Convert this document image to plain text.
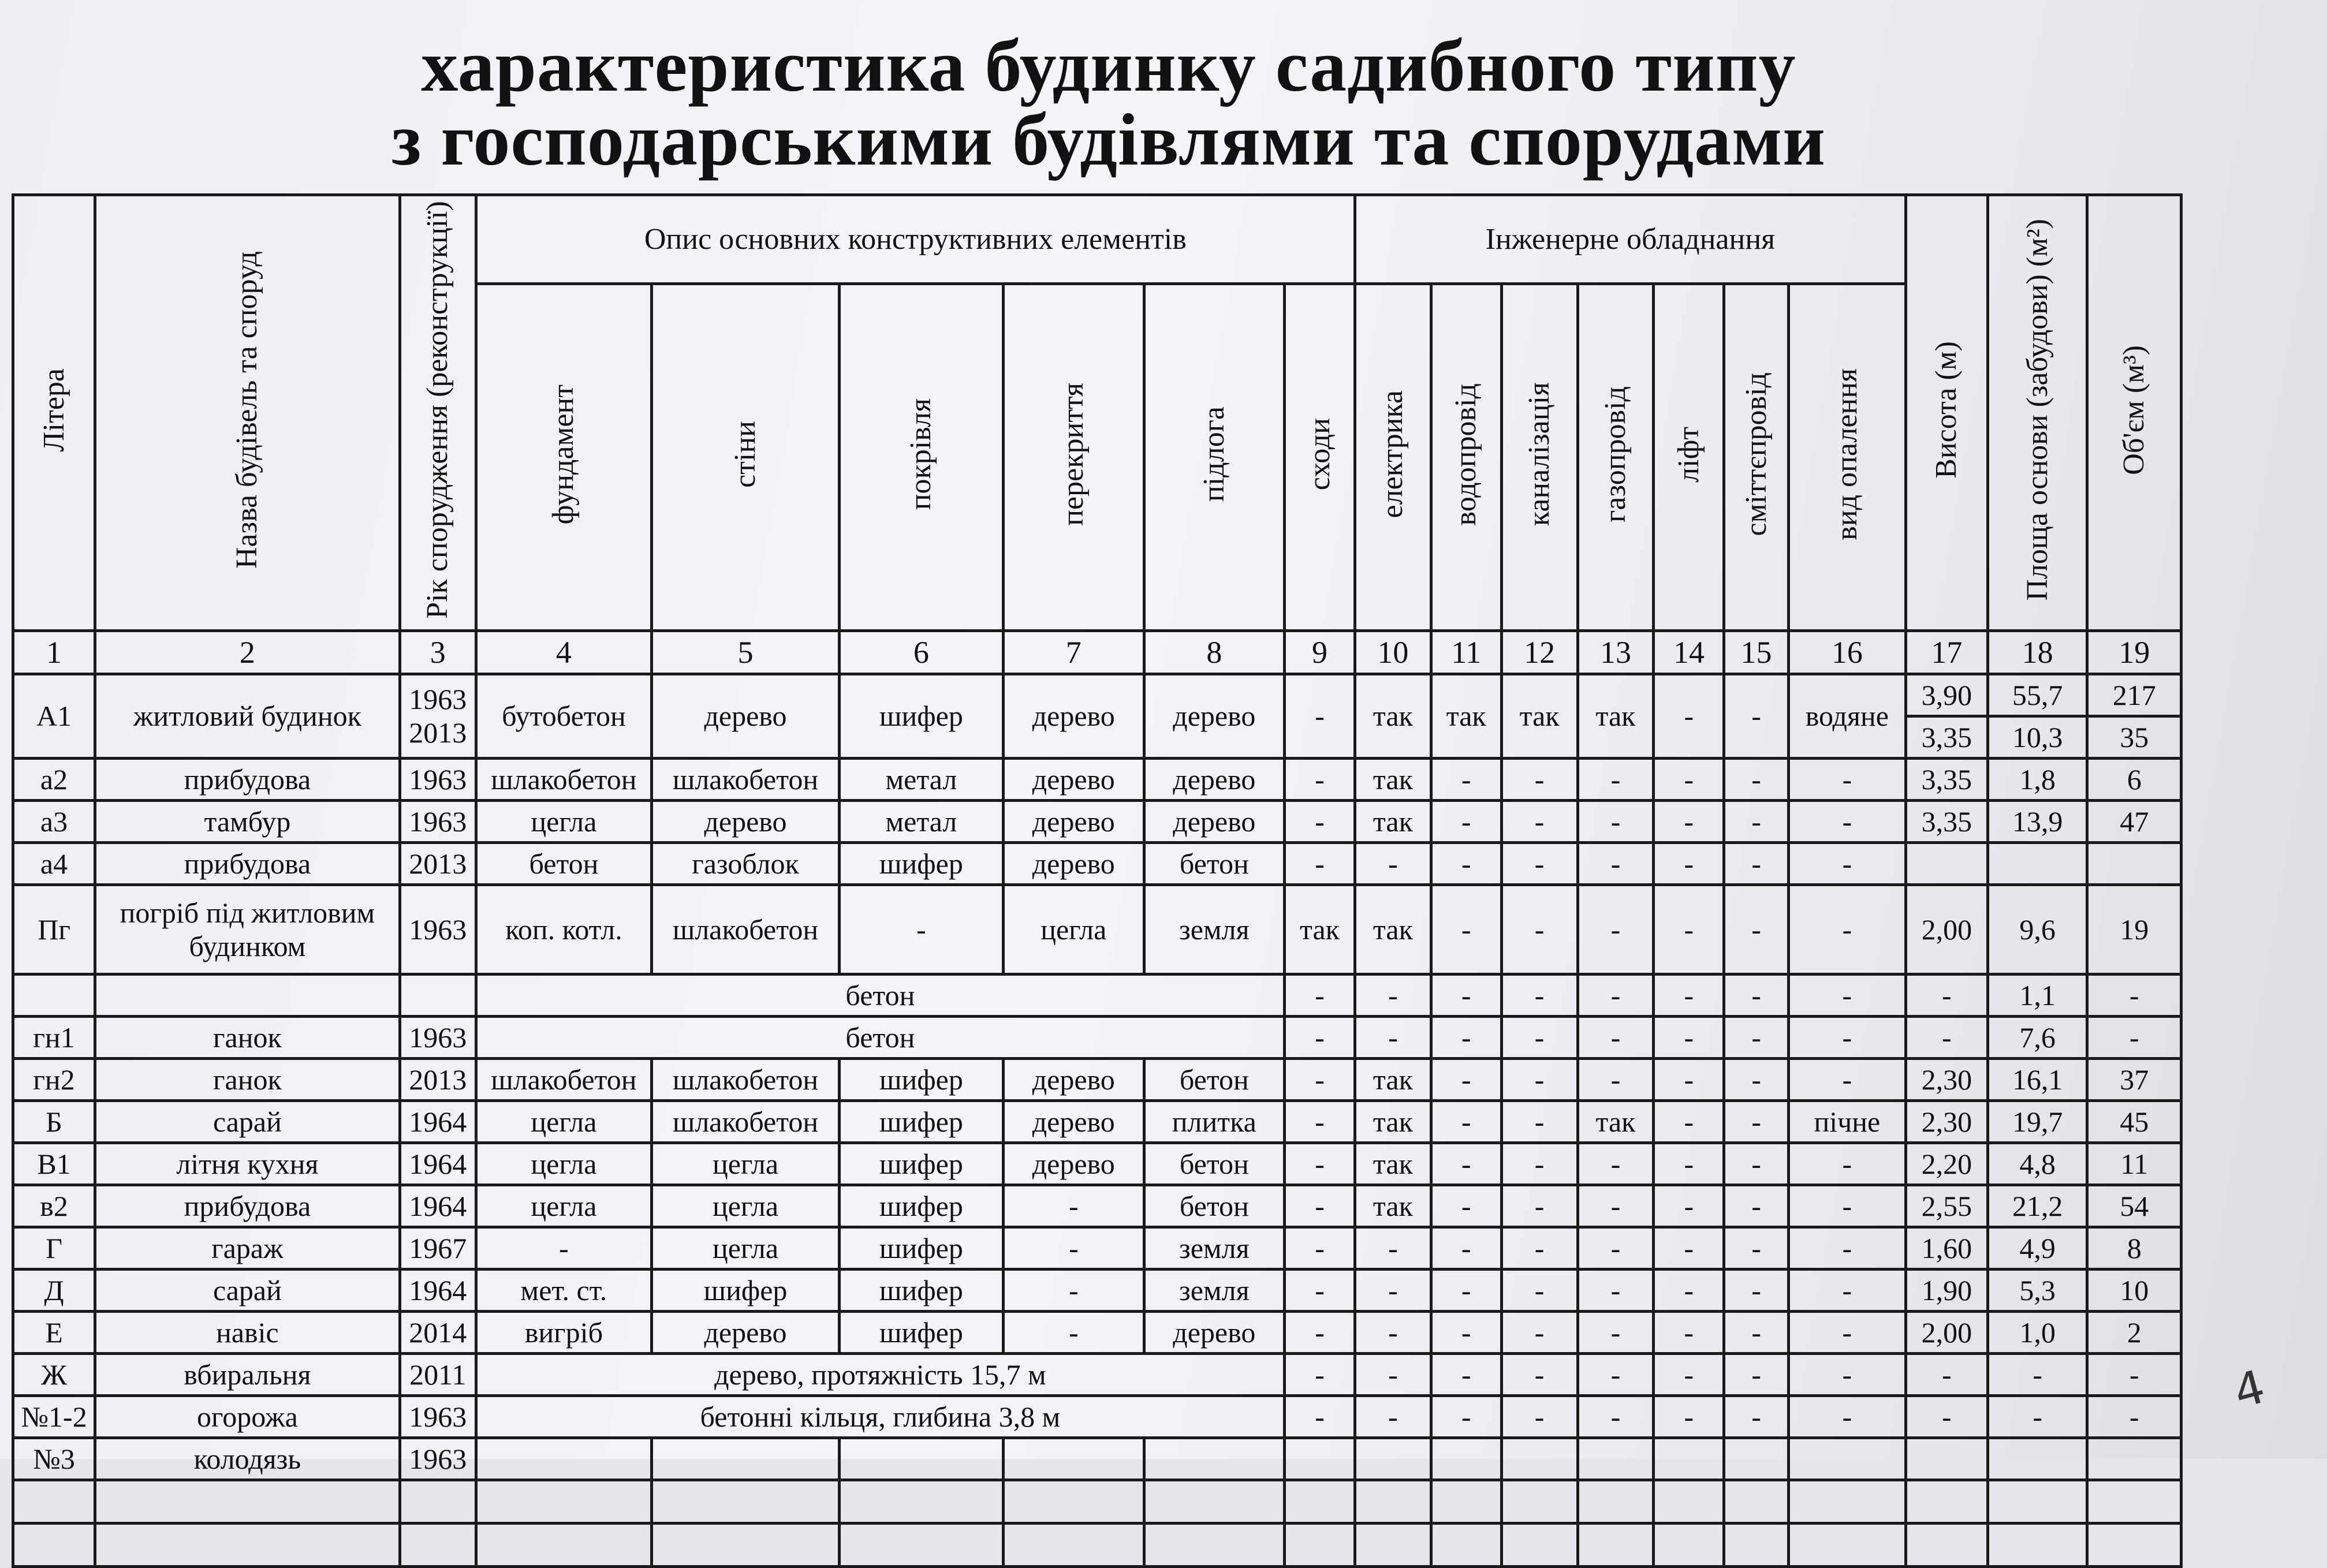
характеристика будинку садибного типу
з господарськими будівлями та спорудами
Літера	Назва будівель та споруд	Рік спорудження (реконструкції)	Опис основних конструктивних елементів						Інженерне обладнання							Висота (м)	Площа основи (забудови) (м²)	Об'єм (м³)
			фундамент	стіни	покрівля	перекриття	підлога	сходи	електрика	водопровід	каналізація	газопровід	ліфт	сміттєпровід	вид опалення			
1	2	3	4	5	6	7	8	9	10	11	12	13	14	15	16	17	18	19
А1	житловий будинок	1963 2013	бутобетон	дерево	шифер	дерево	дерево	-	так	так	так	так	-	-	водяне	3,90	55,7	217
																3,35	10,3	35
а2	прибудова	1963	шлакобетон	шлакобетон	метал	дерево	дерево	-	так	-	-	-	-	-	-	3,35	1,8	6
а3	тамбур	1963	цегла	дерево	метал	дерево	дерево	-	так	-	-	-	-	-	-	3,35	13,9	47
а4	прибудова	2013	бетон	газоблок	шифер	дерево	бетон	-	-	-	-	-	-	-	-			
Пг	погріб під житловим будинком	1963	коп. котл.	шлакобетон	-	цегла	земля	так	так	-	-	-	-	-	-	2,00	9,6	19
			бетон					-	-	-	-	-	-	-	-	-	1,1	-
гн1	ганок	1963	бетон					-	-	-	-	-	-	-	-	-	7,6	-
гн2	ганок	2013	шлакобетон	шлакобетон	шифер	дерево	бетон	-	так	-	-	-	-	-	-	2,30	16,1	37
Б	сарай	1964	цегла	шлакобетон	шифер	дерево	плитка	-	так	-	-	так	-	-	пічне	2,30	19,7	45
В1	літня кухня	1964	цегла	цегла	шифер	дерево	бетон	-	так	-	-	-	-	-	-	2,20	4,8	11
в2	прибудова	1964	цегла	цегла	шифер	-	бетон	-	так	-	-	-	-	-	-	2,55	21,2	54
Г	гараж	1967	-	цегла	шифер	-	земля	-	-	-	-	-	-	-	-	1,60	4,9	8
Д	сарай	1964	мет. ст.	шифер	шифер	-	земля	-	-	-	-	-	-	-	-	1,90	5,3	10
Е	навіс	2014	вигріб	дерево	шифер	-	дерево	-	-	-	-	-	-	-	-	2,00	1,0	2
Ж	вбиральня	2011	дерево, протяжність 15,7 м					-	-	-	-	-	-	-	-	-	-	-
№1-2	огорожа	1963	бетонні кільця, глибина 3,8 м					-	-	-	-	-	-	-	-	-	-	-
№3	колодязь	1963																

4
